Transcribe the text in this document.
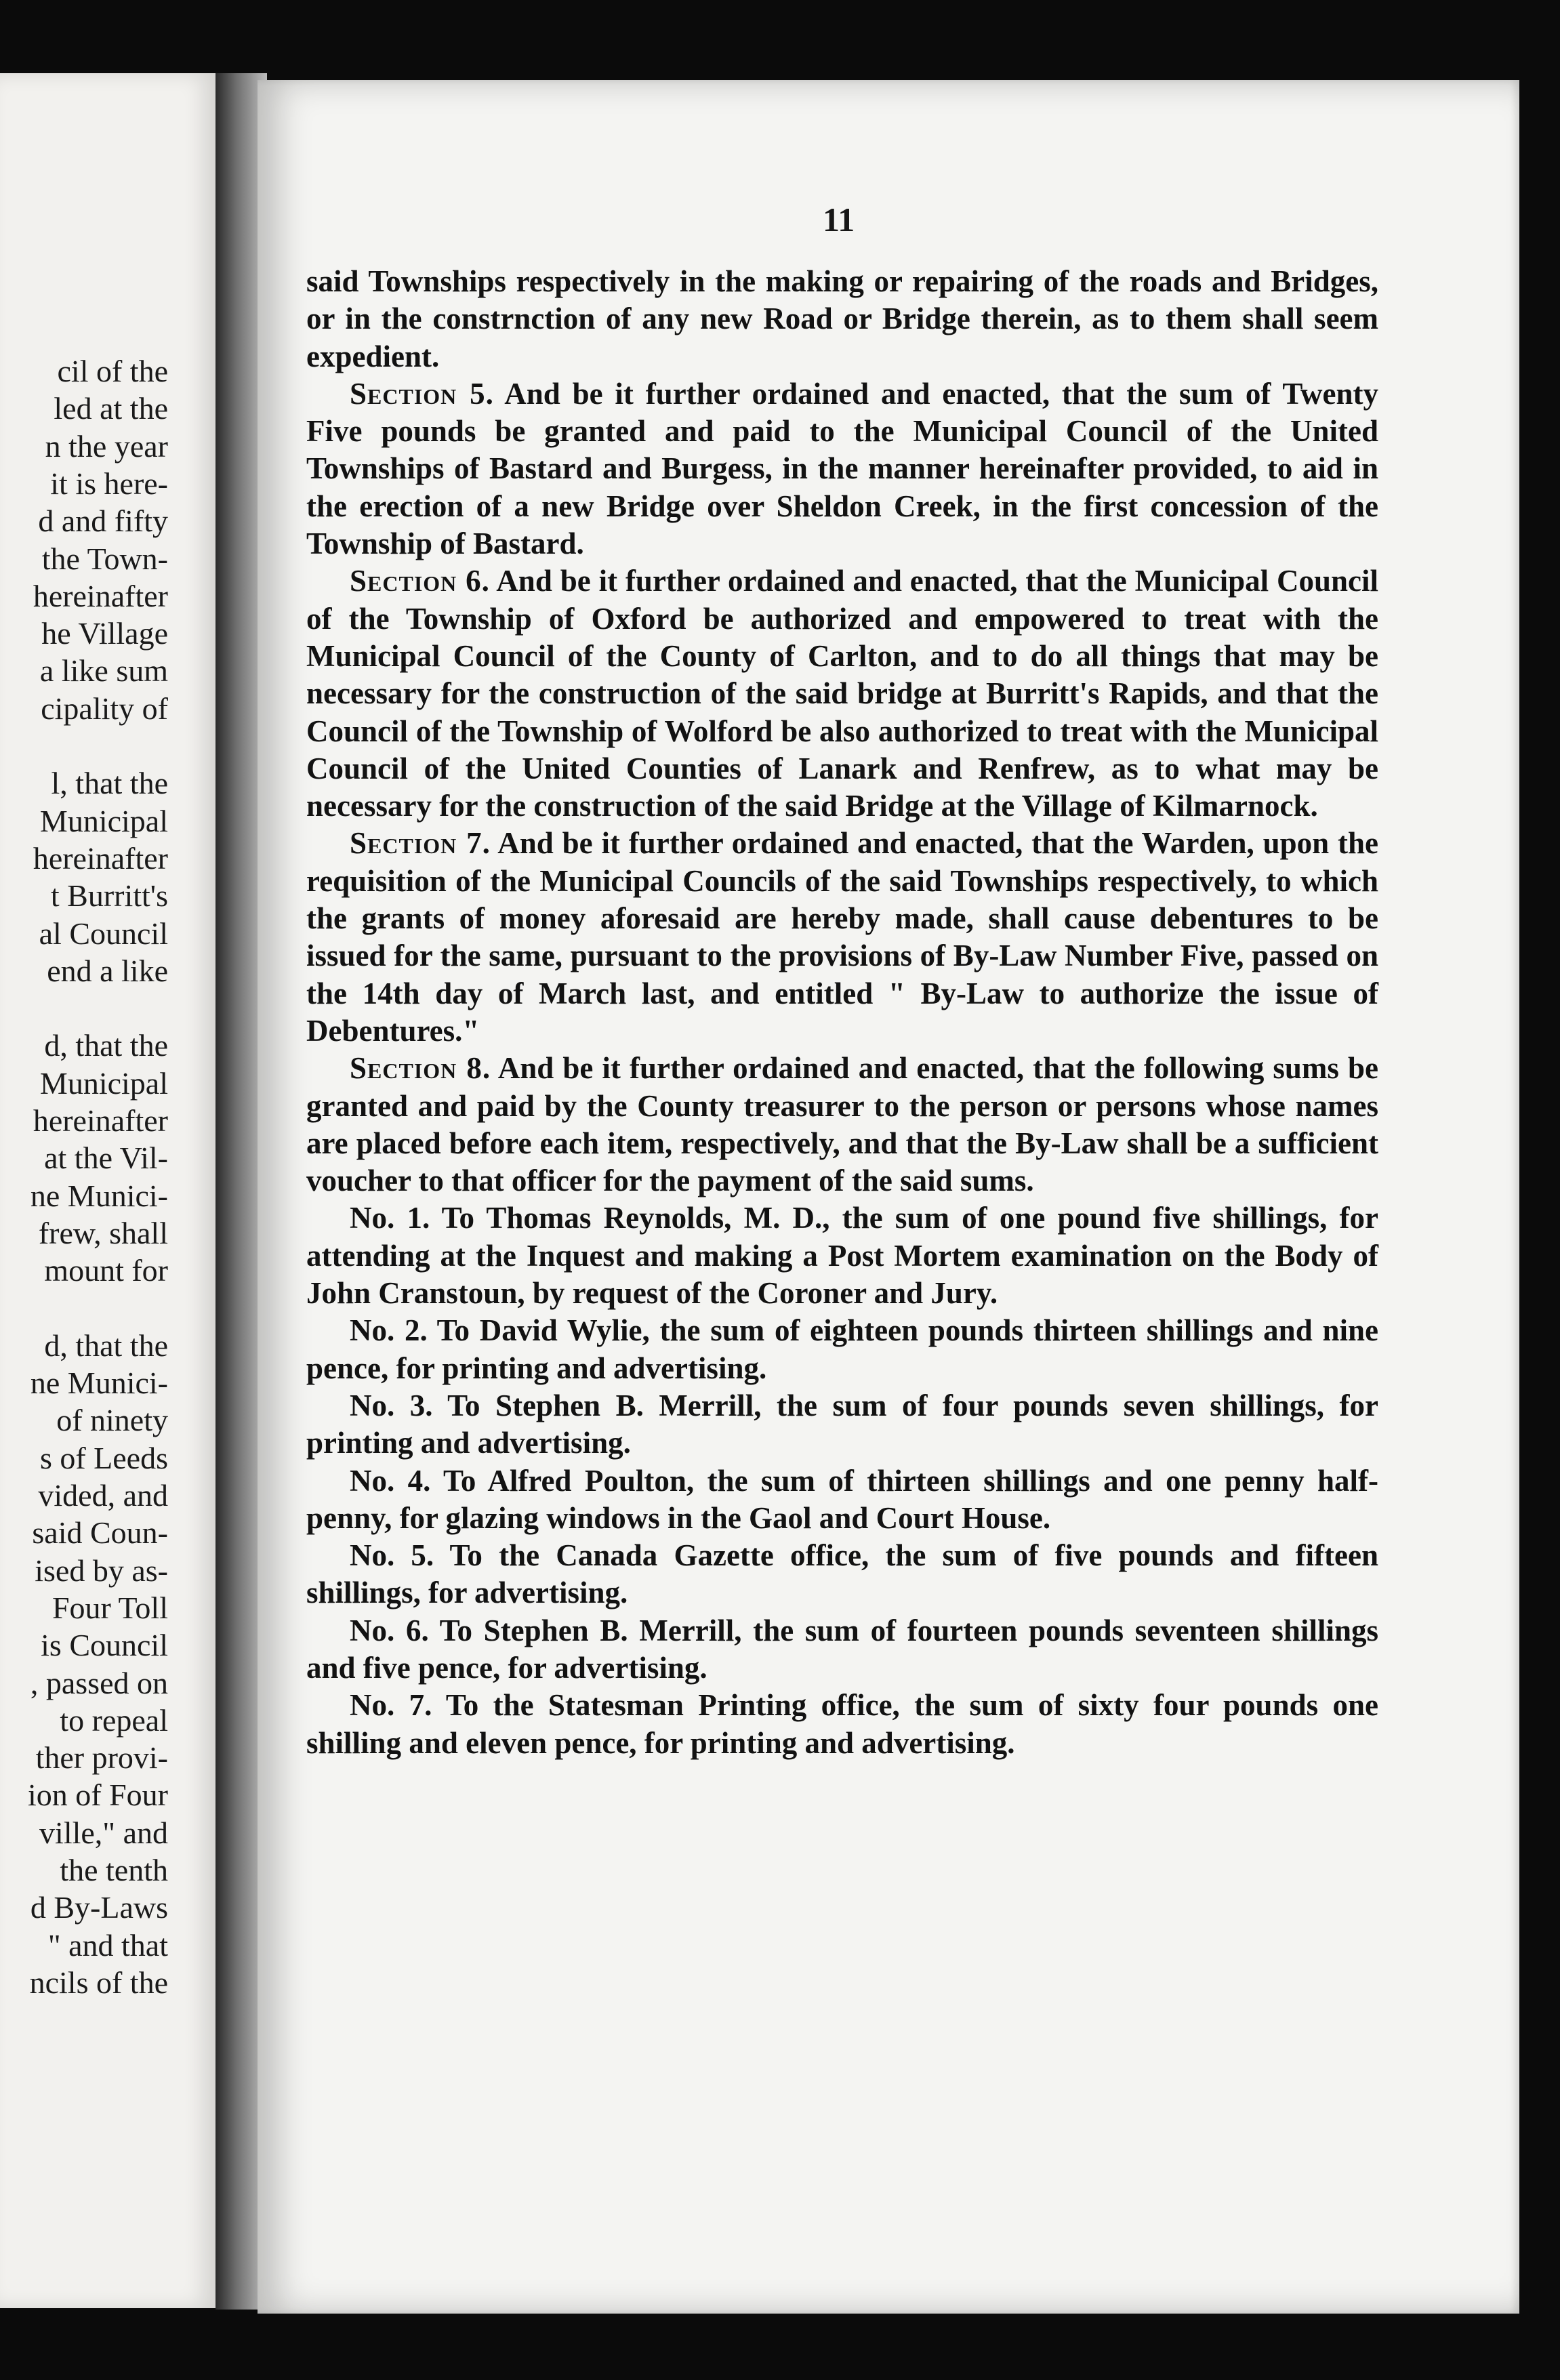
cil of the
led at the
n the year
it is here-
d and fifty
the Town-
hereinafter
he Village
a like sum
cipality of
l, that the
Municipal
hereinafter
t Burritt's
al Council
end a like
d, that the
Municipal
hereinafter
at the Vil-
ne Munici-
frew, shall
mount for
d, that the
ne Munici-
of ninety
s of Leeds
vided, and
said Coun-
ised by as-
Four Toll
is Council
, passed on
to repeal
ther provi-
ion of Four
ville," and
the tenth
d By-Laws
" and that
ncils of the
11

said Townships respectively in the making or repairing of the roads and Bridges, or in the constrnction of any new Road or Bridge therein, as to them shall seem expedient.

Section 5. And be it further ordained and enacted, that the sum of Twenty Five pounds be granted and paid to the Municipal Council of the United Townships of Bastard and Burgess, in the manner hereinafter provided, to aid in the erection of a new Bridge over Sheldon Creek, in the first concession of the Township of Bastard.

Section 6. And be it further ordained and enacted, that the Municipal Council of the Township of Oxford be authorized and empowered to treat with the Municipal Council of the County of Carlton, and to do all things that may be necessary for the construction of the said bridge at Burritt's Rapids, and that the Council of the Township of Wolford be also authorized to treat with the Municipal Council of the United Counties of Lanark and Renfrew, as to what may be necessary for the construction of the said Bridge at the Village of Kilmarnock.

Section 7. And be it further ordained and enacted, that the Warden, upon the requisition of the Municipal Councils of the said Townships respectively, to which the grants of money aforesaid are hereby made, shall cause debentures to be issued for the same, pursuant to the provisions of By-Law Number Five, passed on the 14th day of March last, and entitled " By-Law to authorize the issue of Debentures."

Section 8. And be it further ordained and enacted, that the following sums be granted and paid by the County treasurer to the person or persons whose names are placed before each item, respectively, and that the By-Law shall be a sufficient voucher to that officer for the payment of the said sums.

No. 1. To Thomas Reynolds, M. D., the sum of one pound five shillings, for attending at the Inquest and making a Post Mortem examination on the Body of John Cranstoun, by request of the Coroner and Jury.

No. 2. To David Wylie, the sum of eighteen pounds thirteen shillings and nine pence, for printing and advertising.

No. 3. To Stephen B. Merrill, the sum of four pounds seven shillings, for printing and advertising.

No. 4. To Alfred Poulton, the sum of thirteen shillings and one penny half-penny, for glazing windows in the Gaol and Court House.

No. 5. To the Canada Gazette office, the sum of five pounds and fifteen shillings, for advertising.

No. 6. To Stephen B. Merrill, the sum of fourteen pounds seventeen shillings and five pence, for advertising.

No. 7. To the Statesman Printing office, the sum of sixty four pounds one shilling and eleven pence, for printing and advertising.
